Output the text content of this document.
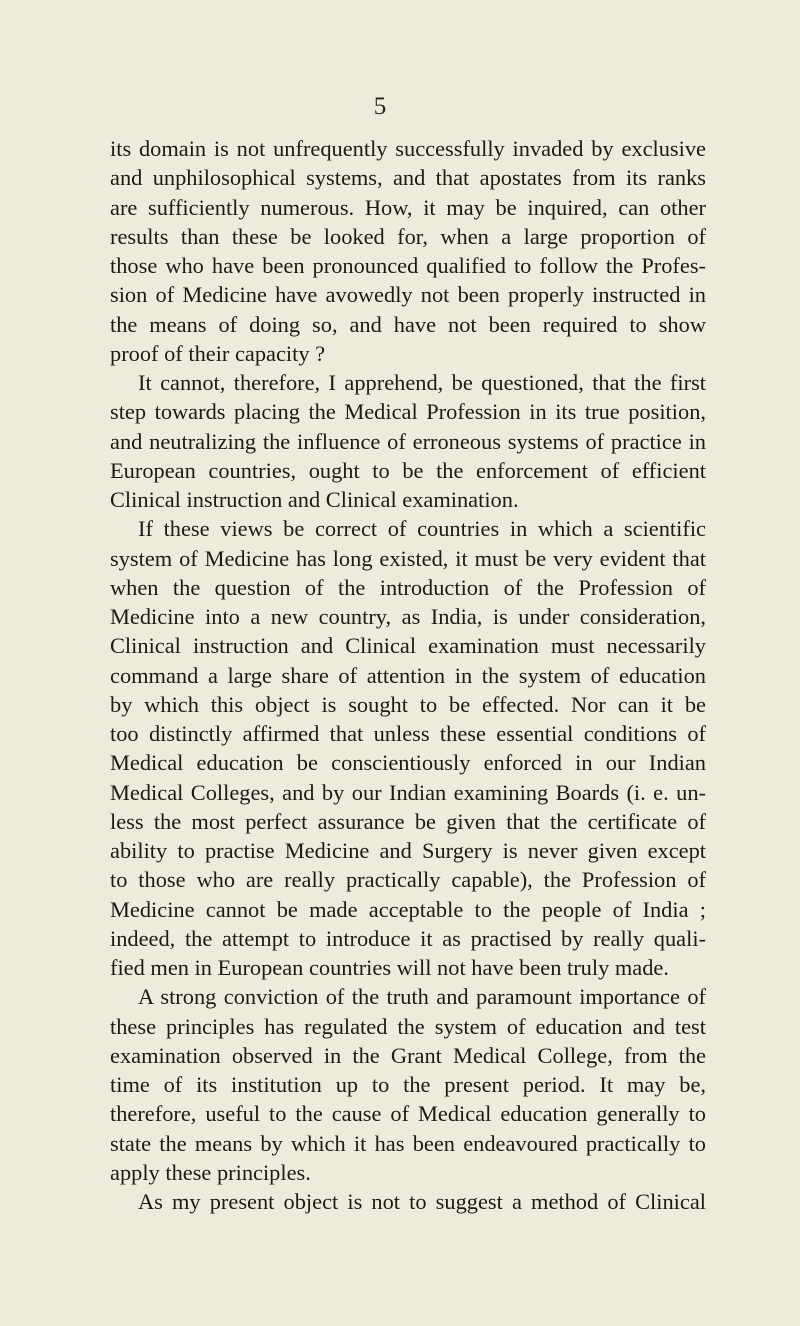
5
its domain is not unfrequently successfully invaded by exclusive
and unphilosophical systems, and that apostates from its ranks
are sufficiently numerous. How, it may be inquired, can other
results than these be looked for, when a large proportion of
those who have been pronounced qualified to follow the Profes-
sion of Medicine have avowedly not been properly instructed in
the means of doing so, and have not been required to show
proof of their capacity ?
It cannot, therefore, I apprehend, be questioned, that the first
step towards placing the Medical Profession in its true position,
and neutralizing the influence of erroneous systems of practice in
European countries, ought to be the enforcement of efficient
Clinical instruction and Clinical examination.
If these views be correct of countries in which a scientific
system of Medicine has long existed, it must be very evident that
when the question of the introduction of the Profession of
Medicine into a new country, as India, is under consideration,
Clinical instruction and Clinical examination must necessarily
command a large share of attention in the system of education
by which this object is sought to be effected. Nor can it be
too distinctly affirmed that unless these essential conditions of
Medical education be conscientiously enforced in our Indian
Medical Colleges, and by our Indian examining Boards (i. e. un-
less the most perfect assurance be given that the certificate of
ability to practise Medicine and Surgery is never given except
to those who are really practically capable), the Profession of
Medicine cannot be made acceptable to the people of India ;
indeed, the attempt to introduce it as practised by really quali-
fied men in European countries will not have been truly made.
A strong conviction of the truth and paramount importance of
these principles has regulated the system of education and test
examination observed in the Grant Medical College, from the
time of its institution up to the present period. It may be,
therefore, useful to the cause of Medical education generally to
state the means by which it has been endeavoured practically to
apply these principles.
As my present object is not to suggest a method of Clinical
